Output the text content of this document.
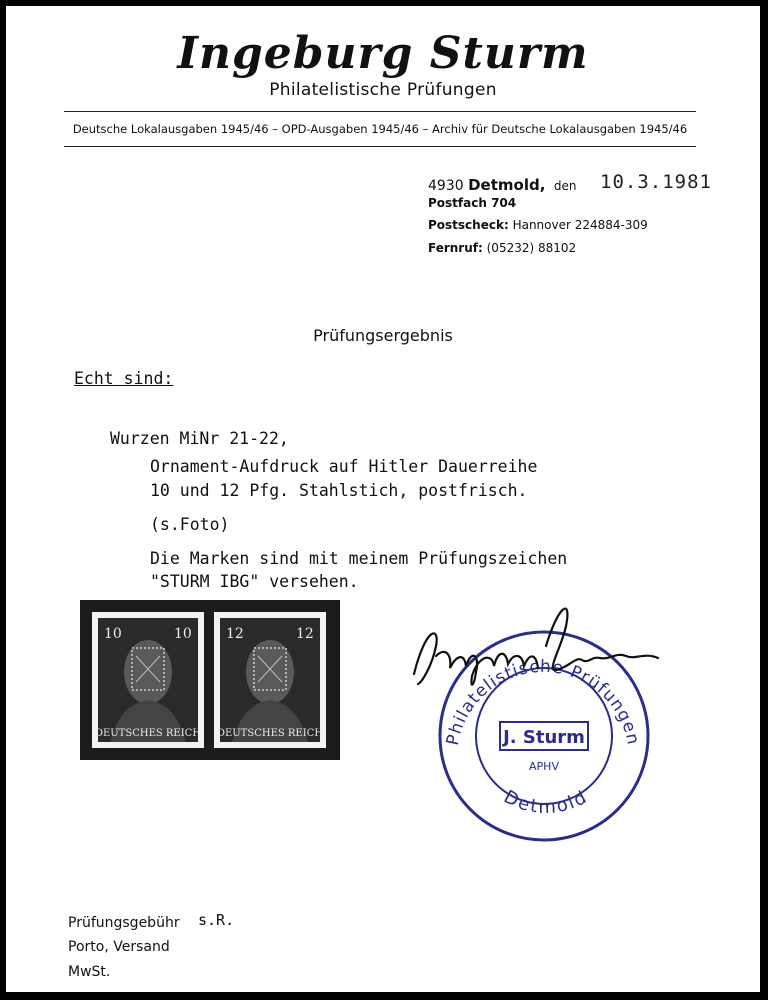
Ingeburg Sturm
Philatelistische Prüfungen
Deutsche Lokalausgaben 1945/46 – OPD-Ausgaben 1945/46 – Archiv für Deutsche Lokalausgaben 1945/46
4930 Detmold, den 10.3.1981
Postfach 704
Postscheck: Hannover 224884-309
Fernruf: (05232) 88102
Prüfungsergebnis
Echt sind:
Wurzen MiNr 21-22,
Ornament-Aufdruck auf Hitler Dauerreihe
10 und 12 Pfg. Stahlstich, postfrisch.
(s.Foto)
Die Marken sind mit meinem Prüfungszeichen
"STURM IBG" versehen.
10	10
DEUTSCHES REICH
12	12
DEUTSCHES REICH	Philatelistische Prüfungen
J. Sturm
APHV
Detmold
Prüfungsgebühr s.R.
Porto, Versand
MwSt.
